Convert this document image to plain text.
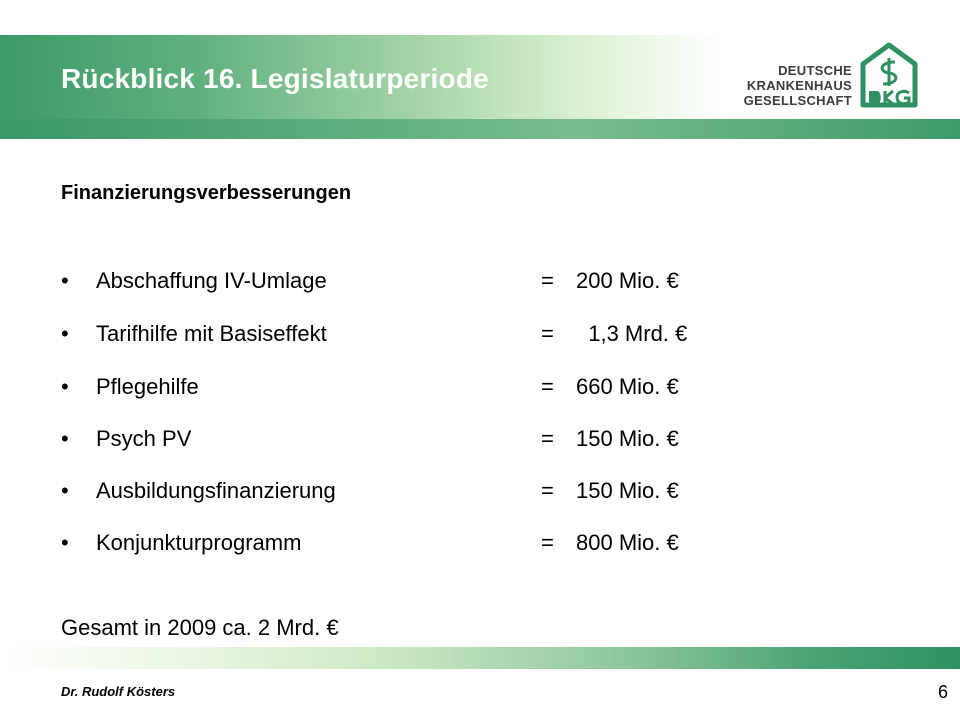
Rückblick 16. Legislaturperiode	DEUTSCHE
KRANKENHAUS
GESELLSCHAFT
Finanzierungsverbesserungen
• Abschaffung IV-Umlage	= 200 Mio. €
• Tarifhilfe mit Basiseffekt	= 1,3 Mrd. €
• Pflegehilfe	= 660 Mio. €
• Psych PV	= 150 Mio. €
• Ausbildungsfinanzierung	= 150 Mio. €
• Konjunkturprogramm	= 800 Mio. €
Gesamt in 2009 ca. 2 Mrd. €
Dr. Rudolf Kösters	6
